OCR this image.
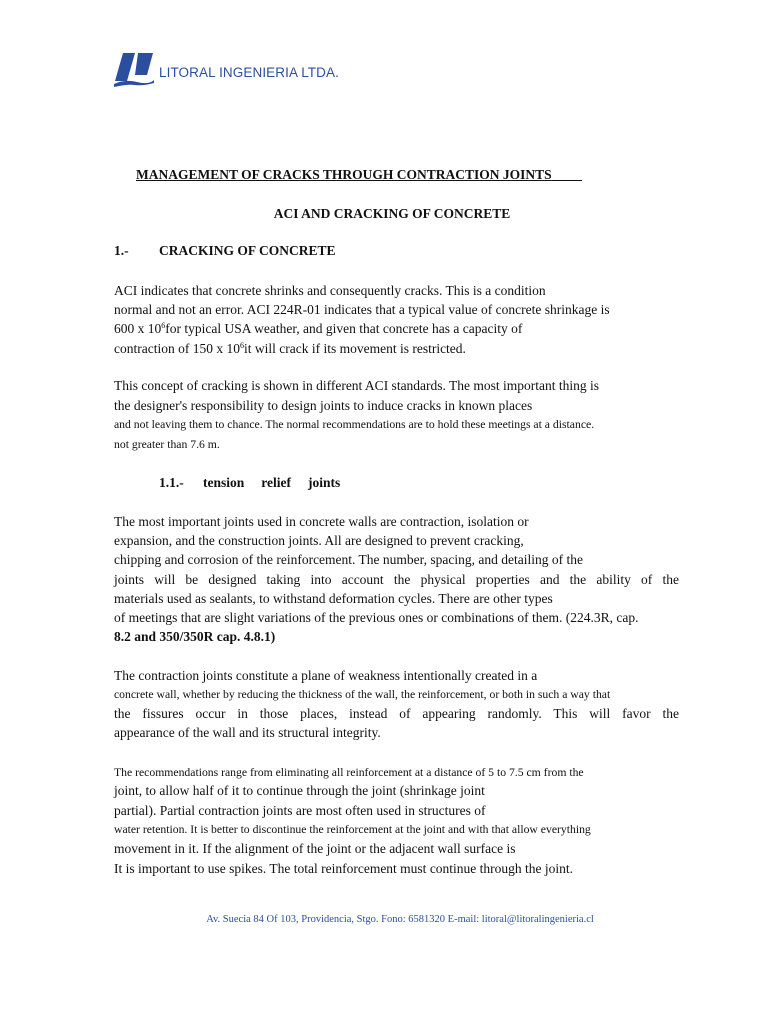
LITORAL INGENIERIA LTDA.
MANAGEMENT OF CRACKS THROUGH CONTRACTION JOINTS
ACI AND CRACKING OF CONCRETE
1.-	CRACKING OF CONCRETE
ACI indicates that concrete shrinks and consequently cracks. This is a condition
normal and not an error. ACI 224R-01 indicates that a typical value of concrete shrinkage is
600 x $10^6for$ typical USA weather, and given that concrete has a capacity of
contraction of 150 x $10^6it$ will crack if its movement is restricted.
This concept of cracking is shown in different ACI standards. The most important thing is
the designer's responsibility to design joints to induce cracks in known places
and not leaving them to chance. The normal recommendations are to hold these meetings at a distance.
not greater than 7.6 m.
1.1.-	tension relief joints
The most important joints used in concrete walls are contraction, isolation or
expansion, and the construction joints. All are designed to prevent cracking,
chipping and corrosion of the reinforcement. The number, spacing, and detailing of the
joints will be designed taking into account the physical properties and the ability of the
materials used as sealants, to withstand deformation cycles. There are other types
of meetings that are slight variations of the previous ones or combinations of them. (224.3R, cap.
8.2 and 350/350R cap. 4.8.1)
The contraction joints constitute a plane of weakness intentionally created in a
concrete wall, whether by reducing the thickness of the wall, the reinforcement, or both in such a way that
the fissures occur in those places, instead of appearing randomly. This will favor the
appearance of the wall and its structural integrity.
The recommendations range from eliminating all reinforcement at a distance of 5 to 7.5 cm from the
joint, to allow half of it to continue through the joint (shrinkage joint
partial). Partial contraction joints are most often used in structures of
water retention. It is better to discontinue the reinforcement at the joint and with that allow everything
movement in it. If the alignment of the joint or the adjacent wall surface is
It is important to use spikes. The total reinforcement must continue through the joint.
Av. Suecia 84 Of 103, Providencia, Stgo. Fono: 6581320 E-mail: litoral@litoralingenieria.cl
